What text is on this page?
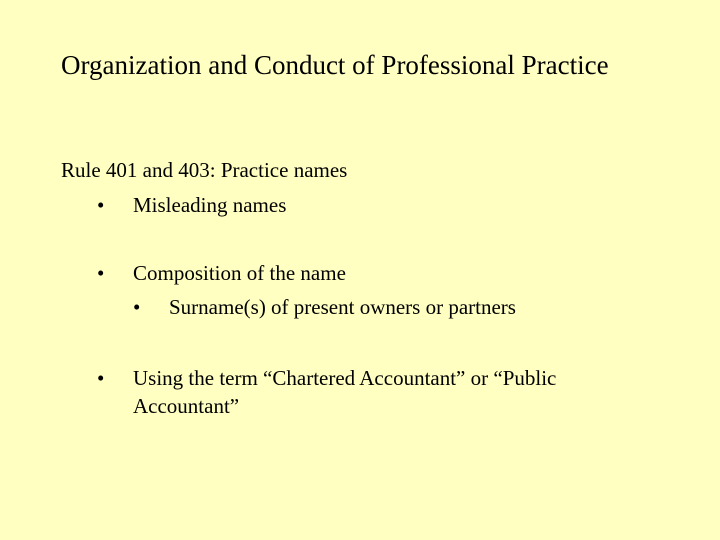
Organization and Conduct of Professional Practice
Rule 401 and 403: Practice names
• Misleading names
• Composition of the name
• Surname(s) of present owners or partners
• Using the term “Chartered Accountant” or “Public Accountant”
